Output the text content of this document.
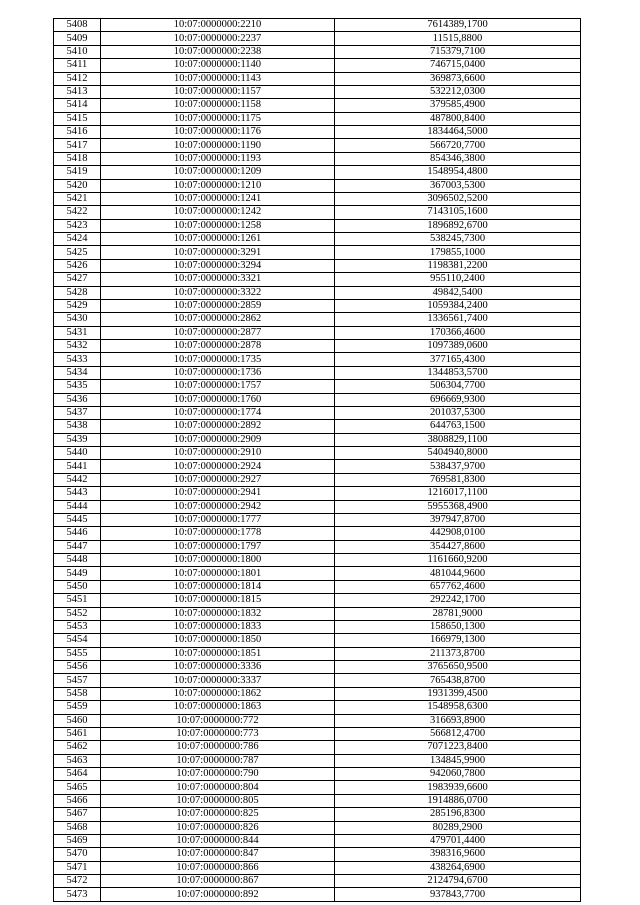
5408	10:07:0000000:2210	7614389,1700
5409	10:07:0000000:2237	11515,8800
5410	10:07:0000000:2238	715379,7100
5411	10:07:0000000:1140	746715,0400
5412	10:07:0000000:1143	369873,6600
5413	10:07:0000000:1157	532212,0300
5414	10:07:0000000:1158	379585,4900
5415	10:07:0000000:1175	487800,8400
5416	10:07:0000000:1176	1834464,5000
5417	10:07:0000000:1190	566720,7700
5418	10:07:0000000:1193	854346,3800
5419	10:07:0000000:1209	1548954,4800
5420	10:07:0000000:1210	367003,5300
5421	10:07:0000000:1241	3096502,5200
5422	10:07:0000000:1242	7143105,1600
5423	10:07:0000000:1258	1896892,6700
5424	10:07:0000000:1261	538245,7300
5425	10:07:0000000:3291	179855,1000
5426	10:07:0000000:3294	1198381,2200
5427	10:07:0000000:3321	955110,2400
5428	10:07:0000000:3322	49842,5400
5429	10:07:0000000:2859	1059384,2400
5430	10:07:0000000:2862	1336561,7400
5431	10:07:0000000:2877	170366,4600
5432	10:07:0000000:2878	1097389,0600
5433	10:07:0000000:1735	377165,4300
5434	10:07:0000000:1736	1344853,5700
5435	10:07:0000000:1757	506304,7700
5436	10:07:0000000:1760	696669,9300
5437	10:07:0000000:1774	201037,5300
5438	10:07:0000000:2892	644763,1500
5439	10:07:0000000:2909	3808829,1100
5440	10:07:0000000:2910	5404940,8000
5441	10:07:0000000:2924	538437,9700
5442	10:07:0000000:2927	769581,8300
5443	10:07:0000000:2941	1216017,1100
5444	10:07:0000000:2942	5955368,4900
5445	10:07:0000000:1777	397947,8700
5446	10:07:0000000:1778	442908,0100
5447	10:07:0000000:1797	354427,8600
5448	10:07:0000000:1800	1161660,9200
5449	10:07:0000000:1801	481044,9600
5450	10:07:0000000:1814	657762,4600
5451	10:07:0000000:1815	292242,1700
5452	10:07:0000000:1832	28781,9000
5453	10:07:0000000:1833	158650,1300
5454	10:07:0000000:1850	166979,1300
5455	10:07:0000000:1851	211373,8700
5456	10:07:0000000:3336	3765650,9500
5457	10:07:0000000:3337	765438,8700
5458	10:07:0000000:1862	1931399,4500
5459	10:07:0000000:1863	1548958,6300
5460	10:07:0000000:772	316693,8900
5461	10:07:0000000:773	566812,4700
5462	10:07:0000000:786	7071223,8400
5463	10:07:0000000:787	134845,9900
5464	10:07:0000000:790	942060,7800
5465	10:07:0000000:804	1983939,6600
5466	10:07:0000000:805	1914886,0700
5467	10:07:0000000:825	285196,8300
5468	10:07:0000000:826	80289,2900
5469	10:07:0000000:844	479701,4400
5470	10:07:0000000:847	398316,9600
5471	10:07:0000000:866	438264,6900
5472	10:07:0000000:867	2124794,6700
5473	10:07:0000000:892	937843,7700
